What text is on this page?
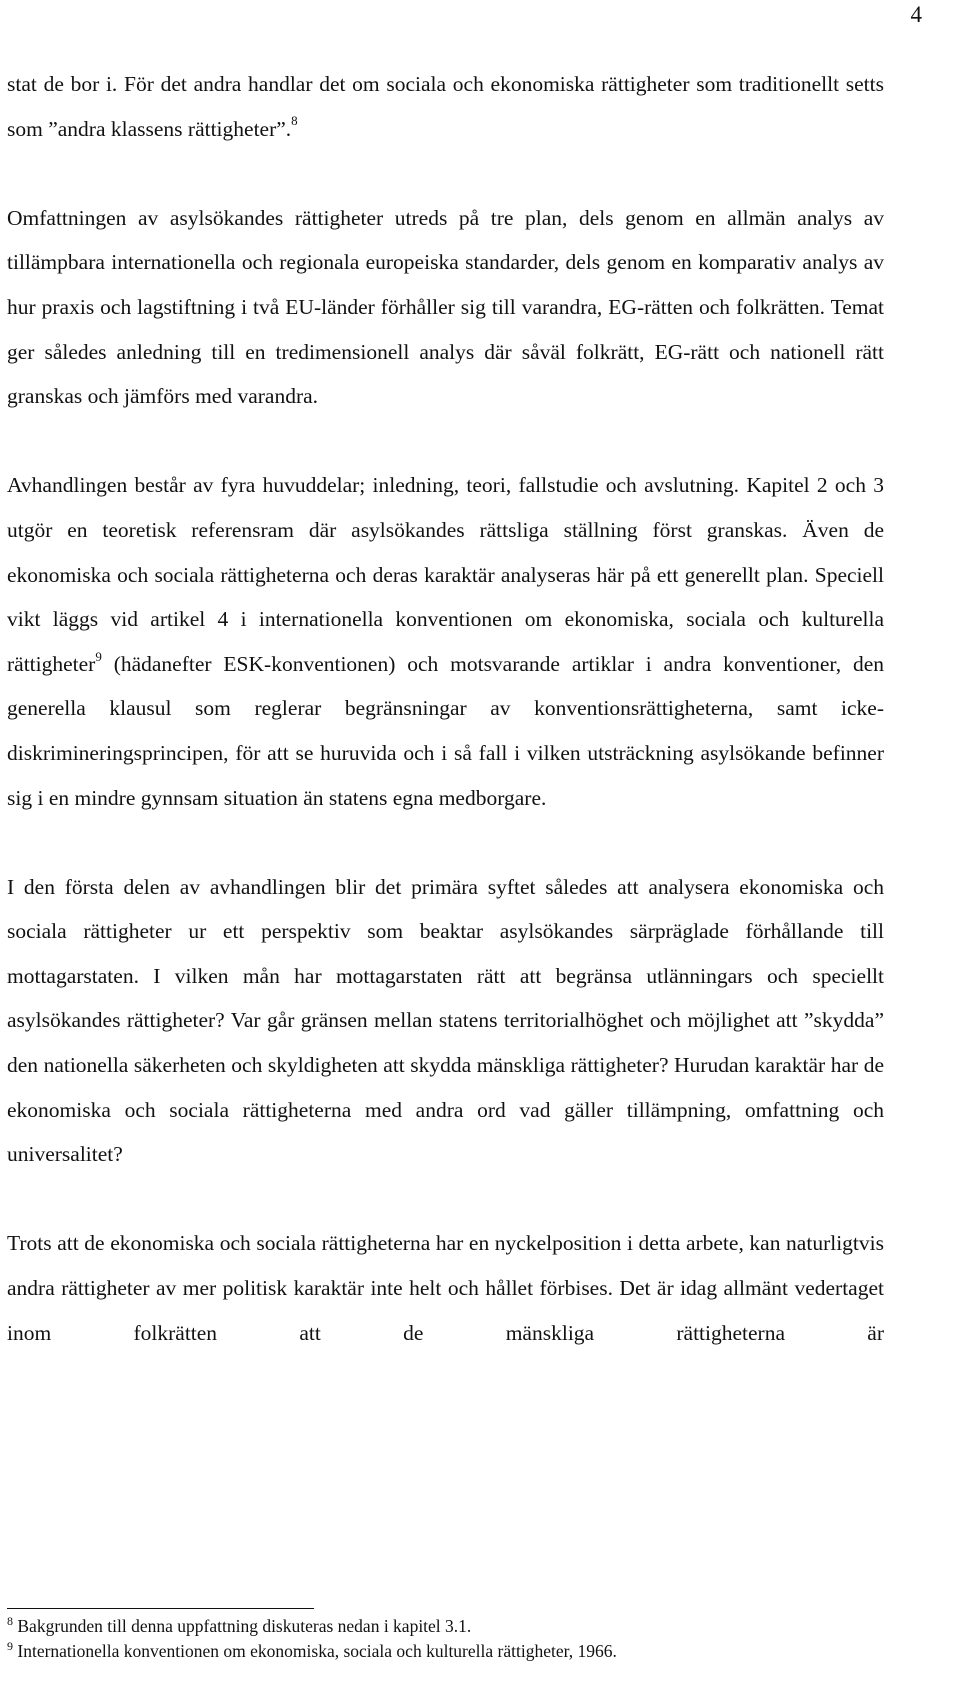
4

stat de bor i. För det andra handlar det om sociala och ekonomiska rättigheter som traditionellt setts som ”andra klassens rättigheter”.$^8$

Omfattningen av asylsökandes rättigheter utreds på tre plan, dels genom en allmän analys av tillämpbara internationella och regionala europeiska standarder, dels genom en komparativ analys av hur praxis och lagstiftning i två EU-länder förhåller sig till varandra, EG-rätten och folkrätten. Temat ger således anledning till en tredimensionell analys där såväl folkrätt, EG-rätt och nationell rätt granskas och jämförs med varandra.

Avhandlingen består av fyra huvuddelar; inledning, teori, fallstudie och avslutning. Kapitel 2 och 3 utgör en teoretisk referensram där asylsökandes rättsliga ställning först granskas. Även de ekonomiska och sociala rättigheterna och deras karaktär analyseras här på ett generellt plan. Speciell vikt läggs vid artikel 4 i internationella konventionen om ekonomiska, sociala och kulturella rättigheter$^9$ (hädanefter ESK-konventionen) och motsvarande artiklar i andra konventioner, den generella klausul som reglerar begränsningar av konventionsrättigheterna, samt icke-diskrimineringsprincipen, för att se huruvida och i så fall i vilken utsträckning asylsökande befinner sig i en mindre gynnsam situation än statens egna medborgare.

I den första delen av avhandlingen blir det primära syftet således att analysera ekonomiska och sociala rättigheter ur ett perspektiv som beaktar asylsökandes särpräglade förhållande till mottagarstaten. I vilken mån har mottagarstaten rätt att begränsa utlänningars och speciellt asylsökandes rättigheter? Var går gränsen mellan statens territorialhöghet och möjlighet att ”skydda” den nationella säkerheten och skyldigheten att skydda mänskliga rättigheter? Hurudan karaktär har de ekonomiska och sociala rättigheterna med andra ord vad gäller tillämpning, omfattning och universalitet?

Trots att de ekonomiska och sociala rättigheterna har en nyckelposition i detta arbete, kan naturligtvis andra rättigheter av mer politisk karaktär inte helt och hållet förbises. Det är idag allmänt vedertaget inom folkrätten att de mänskliga rättigheterna är

$^8$ Bakgrunden till denna uppfattning diskuteras nedan i kapitel 3.1.
$^9$ Internationella konventionen om ekonomiska, sociala och kulturella rättigheter, 1966.
